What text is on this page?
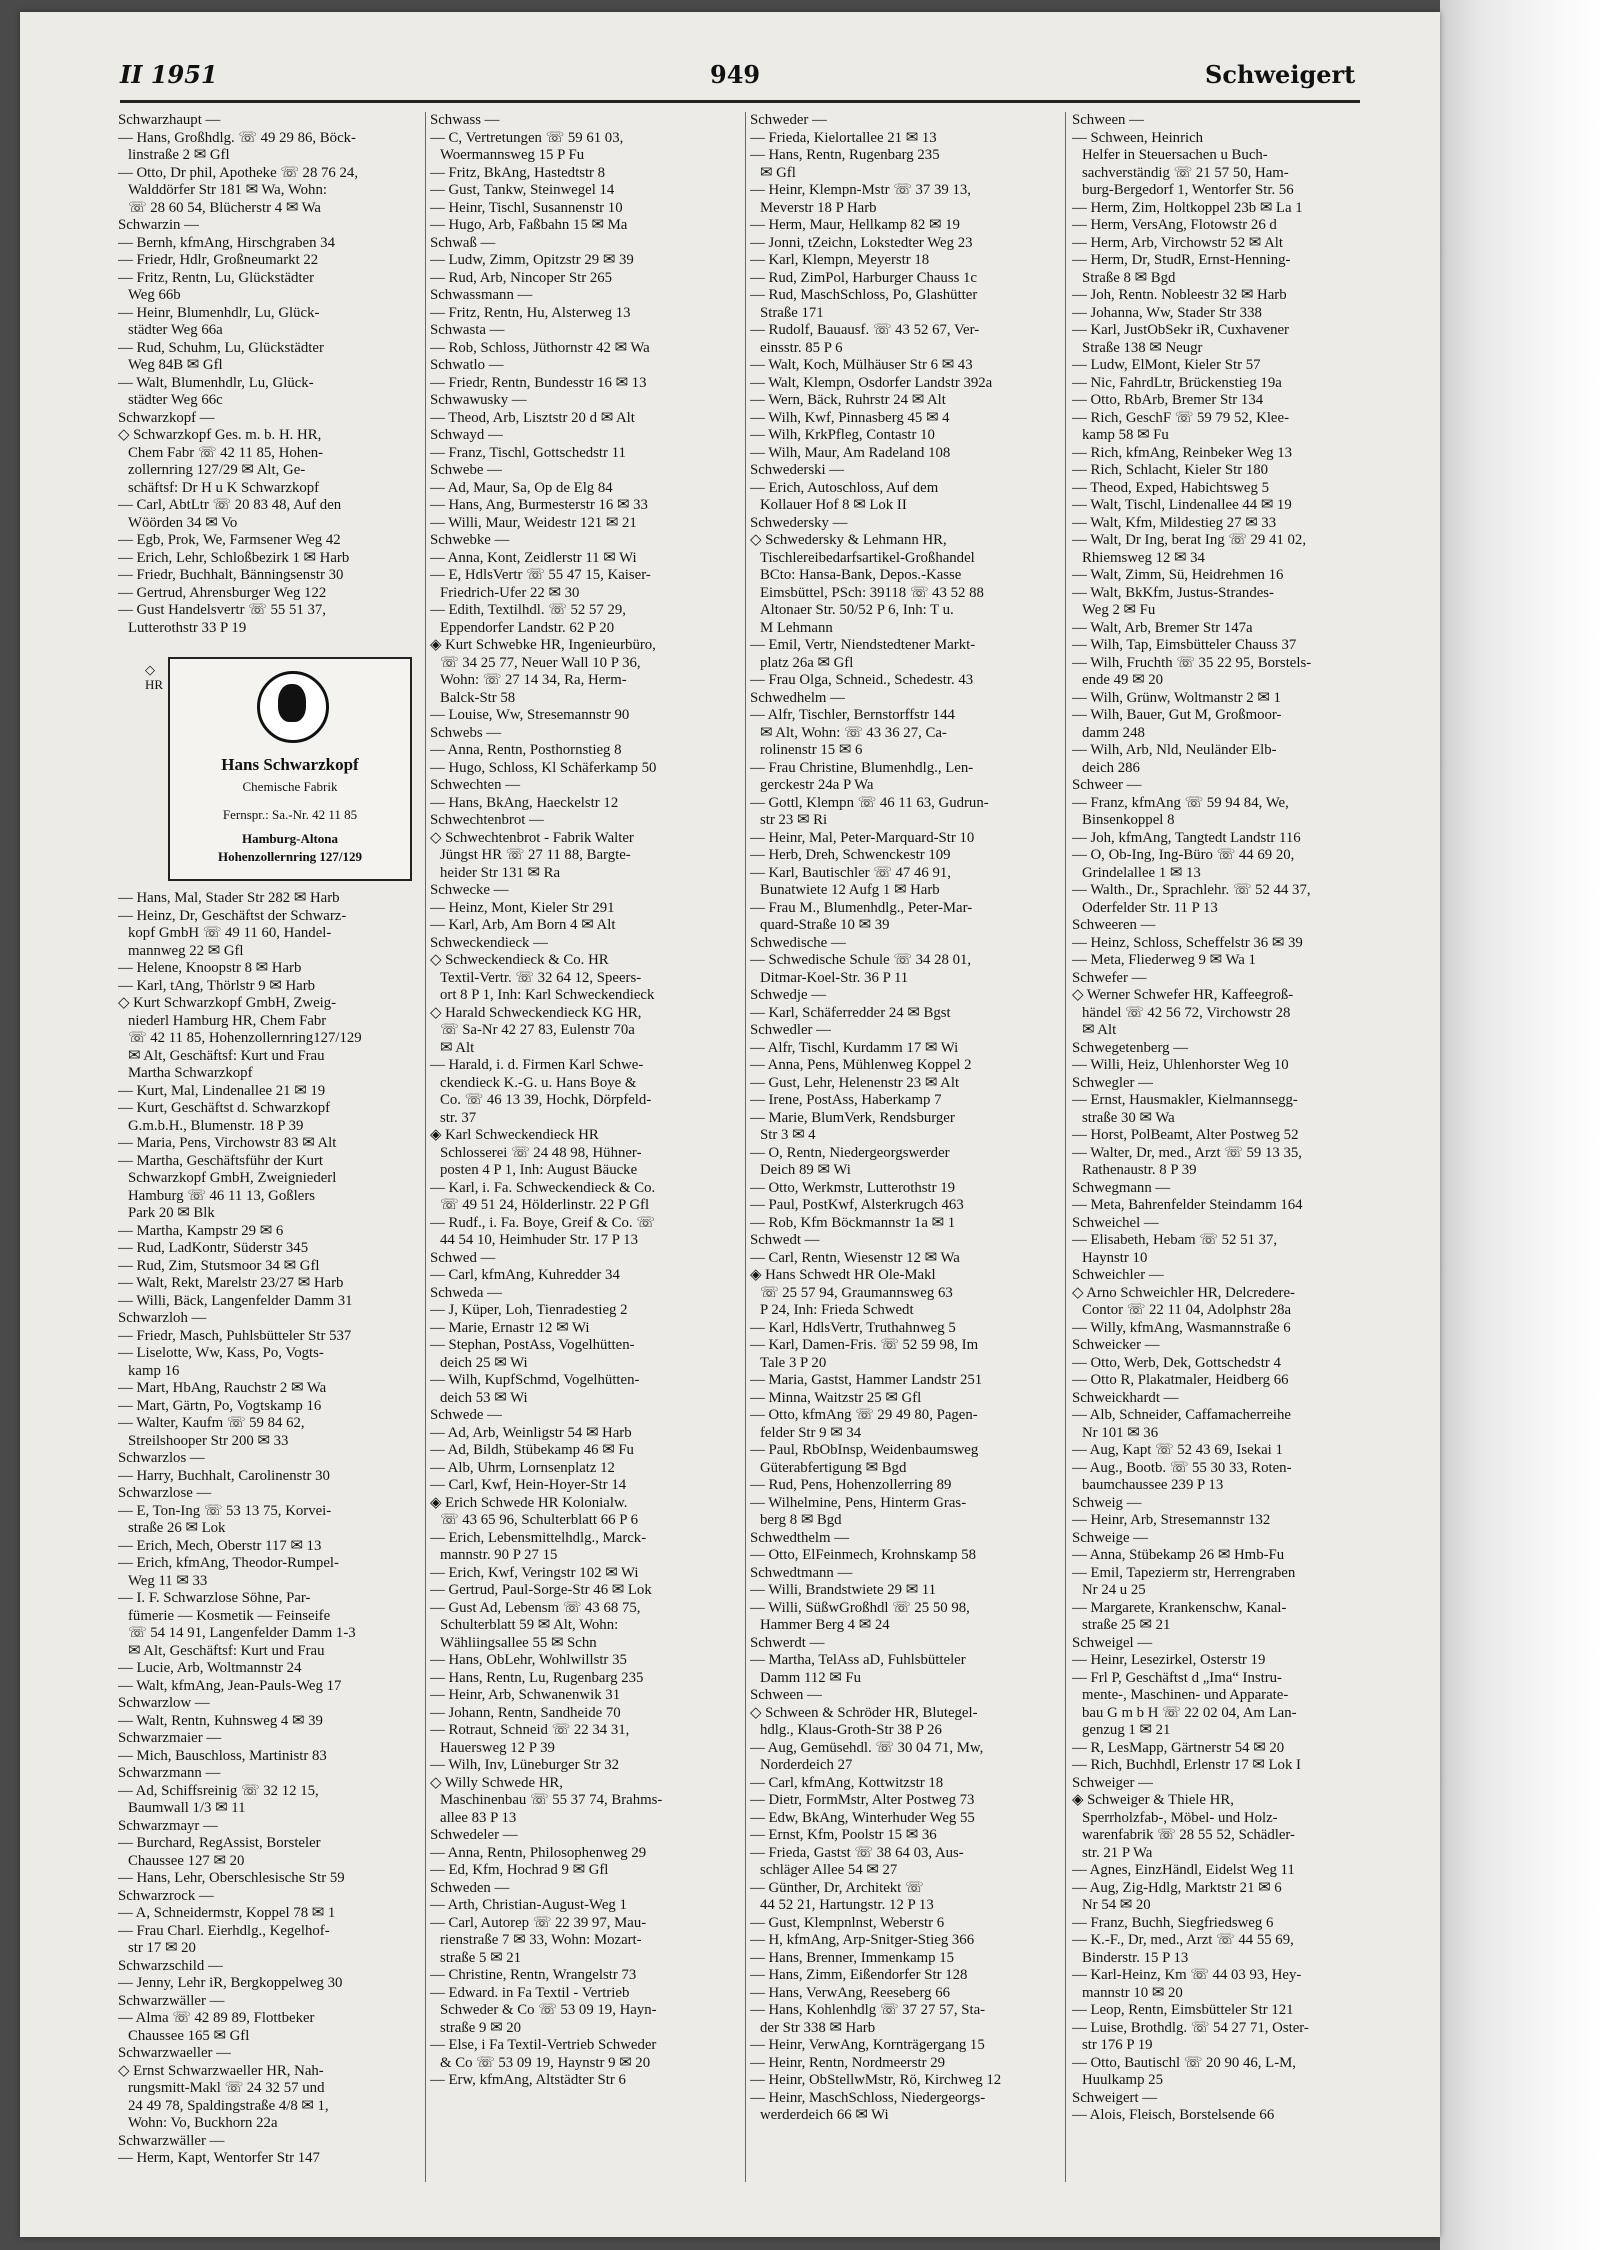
II 1951	949	Schweigert
Schwarzhaupt —
— Hans, Großhdlg. ☏ 49 29 86, Böck-
linstraße 2 ✉ Gfl
— Otto, Dr phil, Apotheke ☏ 28 76 24,
Walddörfer Str 181 ✉ Wa, Wohn:
☏ 28 60 54, Blücherstr 4 ✉ Wa
Schwarzin —
— Bernh, kfmAng, Hirschgraben 34
— Friedr, Hdlr, Großneumarkt 22
— Fritz, Rentn, Lu, Glückstädter
Weg 66b
— Heinr, Blumenhdlr, Lu, Glück-
städter Weg 66a
— Rud, Schuhm, Lu, Glückstädter
Weg 84B ✉ Gfl
— Walt, Blumenhdlr, Lu, Glück-
städter Weg 66c
Schwarzkopf —
◇ Schwarzkopf Ges. m. b. H. HR,
Chem Fabr ☏ 42 11 85, Hohen-
zollernring 127/29 ✉ Alt, Ge-
schäftsf: Dr H u K Schwarzkopf
— Carl, AbtLtr ☏ 20 83 48, Auf den
Wöörden 34 ✉ Vo
— Egb, Prok, We, Farmsener Weg 42
— Erich, Lehr, Schloßbezirk 1 ✉ Harb
— Friedr, Buchhalt, Bänningsenstr 30
— Gertrud, Ahrensburger Weg 122
— Gust Handelsvertr ☏ 55 51 37,
Lutterothstr 33 P 19
◇
HR
Hans Schwarzkopf
Chemische Fabrik
Fernspr.: Sa.-Nr. 42 11 85
Hamburg-Altona
Hohenzollernring 127/129
— Hans, Mal, Stader Str 282 ✉ Harb
— Heinz, Dr, Geschäftst der Schwarz-
kopf GmbH ☏ 49 11 60, Handel-
mannweg 22 ✉ Gfl
— Helene, Knoopstr 8 ✉ Harb
— Karl, tAng, Thörlstr 9 ✉ Harb
◇ Kurt Schwarzkopf GmbH, Zweig-
niederl Hamburg HR, Chem Fabr
☏ 42 11 85, Hohenzollernring127/129
✉ Alt, Geschäftsf: Kurt und Frau
Martha Schwarzkopf
— Kurt, Mal, Lindenallee 21 ✉ 19
— Kurt, Geschäftst d. Schwarzkopf
G.m.b.H., Blumenstr. 18 P 39
— Maria, Pens, Virchowstr 83 ✉ Alt
— Martha, Geschäftsführ der Kurt
Schwarzkopf GmbH, Zweigniederl
Hamburg ☏ 46 11 13, Goßlers
Park 20 ✉ Blk
— Martha, Kampstr 29 ✉ 6
— Rud, LadKontr, Süderstr 345
— Rud, Zim, Stutsmoor 34 ✉ Gfl
— Walt, Rekt, Marelstr 23/27 ✉ Harb
— Willi, Bäck, Langenfelder Damm 31
Schwarzloh —
— Friedr, Masch, Puhlsbütteler Str 537
— Liselotte, Ww, Kass, Po, Vogts-
kamp 16
— Mart, HbAng, Rauchstr 2 ✉ Wa
— Mart, Gärtn, Po, Vogtskamp 16
— Walter, Kaufm ☏ 59 84 62,
Streilshooper Str 200 ✉ 33
Schwarzlos —
— Harry, Buchhalt, Carolinenstr 30
Schwarzlose —
— E, Ton-Ing ☏ 53 13 75, Korvei-
straße 26 ✉ Lok
— Erich, Mech, Oberstr 117 ✉ 13
— Erich, kfmAng, Theodor-Rumpel-
Weg 11 ✉ 33
— I. F. Schwarzlose Söhne, Par-
fümerie — Kosmetik — Feinseife
☏ 54 14 91, Langenfelder Damm 1-3
✉ Alt, Geschäftsf: Kurt und Frau
— Lucie, Arb, Woltmannstr 24
— Walt, kfmAng, Jean-Pauls-Weg 17
Schwarzlow —
— Walt, Rentn, Kuhnsweg 4 ✉ 39
Schwarzmaier —
— Mich, Bauschloss, Martinistr 83
Schwarzmann —
— Ad, Schiffsreinig ☏ 32 12 15,
Baumwall 1/3 ✉ 11
Schwarzmayr —
— Burchard, RegAssist, Borsteler
Chaussee 127 ✉ 20
— Hans, Lehr, Oberschlesische Str 59
Schwarzrock —
— A, Schneidermstr, Koppel 78 ✉ 1
— Frau Charl. Eierhdlg., Kegelhof-
str 17 ✉ 20
Schwarzschild —
— Jenny, Lehr iR, Bergkoppelweg 30
Schwarzwäller —
— Alma ☏ 42 89 89, Flottbeker
Chaussee 165 ✉ Gfl
Schwarzwaeller —
◇ Ernst Schwarzwaeller HR, Nah-
rungsmitt-Makl ☏ 24 32 57 und
24 49 78, Spaldingstraße 4/8 ✉ 1,
Wohn: Vo, Buckhorn 22a
Schwarzwäller —
— Herm, Kapt, Wentorfer Str 147
Schwass —
— C, Vertretungen ☏ 59 61 03,
Woermannsweg 15 P Fu
— Fritz, BkAng, Hastedtstr 8
— Gust, Tankw, Steinwegel 14
— Heinr, Tischl, Susannenstr 10
— Hugo, Arb, Faßbahn 15 ✉ Ma
Schwaß —
— Ludw, Zimm, Opitzstr 29 ✉ 39
— Rud, Arb, Nincoper Str 265
Schwassmann —
— Fritz, Rentn, Hu, Alsterweg 13
Schwasta —
— Rob, Schloss, Jüthornstr 42 ✉ Wa
Schwatlo —
— Friedr, Rentn, Bundesstr 16 ✉ 13
Schwawusky —
— Theod, Arb, Lisztstr 20 d ✉ Alt
Schwayd —
— Franz, Tischl, Gottschedstr 11
Schwebe —
— Ad, Maur, Sa, Op de Elg 84
— Hans, Ang, Burmesterstr 16 ✉ 33
— Willi, Maur, Weidestr 121 ✉ 21
Schwebke —
— Anna, Kont, Zeidlerstr 11 ✉ Wi
— E, HdlsVertr ☏ 55 47 15, Kaiser-
Friedrich-Ufer 22 ✉ 30
— Edith, Textilhdl. ☏ 52 57 29,
Eppendorfer Landstr. 62 P 20
◈ Kurt Schwebke HR, Ingenieurbüro,
☏ 34 25 77, Neuer Wall 10 P 36,
Wohn: ☏ 27 14 34, Ra, Herm-
Balck-Str 58
— Louise, Ww, Stresemannstr 90
Schwebs —
— Anna, Rentn, Posthornstieg 8
— Hugo, Schloss, Kl Schäferkamp 50
Schwechten —
— Hans, BkAng, Haeckelstr 12
Schwechtenbrot —
◇ Schwechtenbrot - Fabrik Walter
Jüngst HR ☏ 27 11 88, Bargte-
heider Str 131 ✉ Ra
Schwecke —
— Heinz, Mont, Kieler Str 291
— Karl, Arb, Am Born 4 ✉ Alt
Schweckendieck —
◇ Schweckendieck & Co. HR
Textil-Vertr. ☏ 32 64 12, Speers-
ort 8 P 1, Inh: Karl Schweckendieck
◇ Harald Schweckendieck KG HR,
☏ Sa-Nr 42 27 83, Eulenstr 70a
✉ Alt
— Harald, i. d. Firmen Karl Schwe-
ckendieck K.-G. u. Hans Boye &
Co. ☏ 46 13 39, Hochk, Dörpfeld-
str. 37
◈ Karl Schweckendieck HR
Schlosserei ☏ 24 48 98, Hühner-
posten 4 P 1, Inh: August Bäucke
— Karl, i. Fa. Schweckendieck & Co.
☏ 49 51 24, Hölderlinstr. 22 P Gfl
— Rudf., i. Fa. Boye, Greif & Co. ☏
44 54 10, Heimhuder Str. 17 P 13
Schwed —
— Carl, kfmAng, Kuhredder 34
Schweda —
— J, Küper, Loh, Tienradestieg 2
— Marie, Ernastr 12 ✉ Wi
— Stephan, PostAss, Vogelhütten-
deich 25 ✉ Wi
— Wilh, KupfSchmd, Vogelhütten-
deich 53 ✉ Wi
Schwede —
— Ad, Arb, Weinligstr 54 ✉ Harb
— Ad, Bildh, Stübekamp 46 ✉ Fu
— Alb, Uhrm, Lornsenplatz 12
— Carl, Kwf, Hein-Hoyer-Str 14
◈ Erich Schwede HR Kolonialw.
☏ 43 65 96, Schulterblatt 66 P 6
— Erich, Lebensmittelhdlg., Marck-
mannstr. 90 P 27 15
— Erich, Kwf, Veringstr 102 ✉ Wi
— Gertrud, Paul-Sorge-Str 46 ✉ Lok
— Gust Ad, Lebensm ☏ 43 68 75,
Schulterblatt 59 ✉ Alt, Wohn:
Wähliingsallee 55 ✉ Schn
— Hans, ObLehr, Wohlwillstr 35
— Hans, Rentn, Lu, Rugenbarg 235
— Heinr, Arb, Schwanenwik 31
— Johann, Rentn, Sandheide 70
— Rotraut, Schneid ☏ 22 34 31,
Hauersweg 12 P 39
— Wilh, Inv, Lüneburger Str 32
◇ Willy Schwede HR,
Maschinenbau ☏ 55 37 74, Brahms-
allee 83 P 13
Schwedeler —
— Anna, Rentn, Philosophenweg 29
— Ed, Kfm, Hochrad 9 ✉ Gfl
Schweden —
— Arth, Christian-August-Weg 1
— Carl, Autorep ☏ 22 39 97, Mau-
rienstraße 7 ✉ 33, Wohn: Mozart-
straße 5 ✉ 21
— Christine, Rentn, Wrangelstr 73
— Edward. in Fa Textil - Vertrieb
Schweder & Co ☏ 53 09 19, Hayn-
straße 9 ✉ 20
— Else, i Fa Textil-Vertrieb Schweder
& Co ☏ 53 09 19, Haynstr 9 ✉ 20
— Erw, kfmAng, Altstädter Str 6
Schweder —
— Frieda, Kielortallee 21 ✉ 13
— Hans, Rentn, Rugenbarg 235
✉ Gfl
— Heinr, Klempn-Mstr ☏ 37 39 13,
Meverstr 18 P Harb
— Herm, Maur, Hellkamp 82 ✉ 19
— Jonni, tZeichn, Lokstedter Weg 23
— Karl, Klempn, Meyerstr 18
— Rud, ZimPol, Harburger Chauss 1c
— Rud, MaschSchloss, Po, Glashütter
Straße 171
— Rudolf, Bauausf. ☏ 43 52 67, Ver-
einsstr. 85 P 6
— Walt, Koch, Mülhäuser Str 6 ✉ 43
— Walt, Klempn, Osdorfer Landstr 392a
— Wern, Bäck, Ruhrstr 24 ✉ Alt
— Wilh, Kwf, Pinnasberg 45 ✉ 4
— Wilh, KrkPfleg, Contastr 10
— Wilh, Maur, Am Radeland 108
Schwederski —
— Erich, Autoschloss, Auf dem
Kollauer Hof 8 ✉ Lok II
Schwedersky —
◇ Schwedersky & Lehmann HR,
Tischlereibedarfsartikel-Großhandel
BCto: Hansa-Bank, Depos.-Kasse
Eimsbüttel, PSch: 39118 ☏ 43 52 88
Altonaer Str. 50/52 P 6, Inh: T u.
M Lehmann
— Emil, Vertr, Niendstedtener Markt-
platz 26a ✉ Gfl
— Frau Olga, Schneid., Schedestr. 43
Schwedhelm —
— Alfr, Tischler, Bernstorffstr 144
✉ Alt, Wohn: ☏ 43 36 27, Ca-
rolinenstr 15 ✉ 6
— Frau Christine, Blumenhdlg., Len-
gerckestr 24a P Wa
— Gottl, Klempn ☏ 46 11 63, Gudrun-
str 23 ✉ Ri
— Heinr, Mal, Peter-Marquard-Str 10
— Herb, Dreh, Schwenckestr 109
— Karl, Bautischler ☏ 47 46 91,
Bunatwiete 12 Aufg 1 ✉ Harb
— Frau M., Blumenhdlg., Peter-Mar-
quard-Straße 10 ✉ 39
Schwedische —
— Schwedische Schule ☏ 34 28 01,
Ditmar-Koel-Str. 36 P 11
Schwedje —
— Karl, Schäferredder 24 ✉ Bgst
Schwedler —
— Alfr, Tischl, Kurdamm 17 ✉ Wi
— Anna, Pens, Mühlenweg Koppel 2
— Gust, Lehr, Helenenstr 23 ✉ Alt
— Irene, PostAss, Haberkamp 7
— Marie, BlumVerk, Rendsburger
Str 3 ✉ 4
— O, Rentn, Niedergeorgswerder
Deich 89 ✉ Wi
— Otto, Werkmstr, Lutterothstr 19
— Paul, PostKwf, Alsterkrugch 463
— Rob, Kfm Böckmannstr 1a ✉ 1
Schwedt —
— Carl, Rentn, Wiesenstr 12 ✉ Wa
◈ Hans Schwedt HR Ole-Makl
☏ 25 57 94, Graumannsweg 63
P 24, Inh: Frieda Schwedt
— Karl, HdlsVertr, Truthahnweg 5
— Karl, Damen-Fris. ☏ 52 59 98, Im
Tale 3 P 20
— Maria, Gastst, Hammer Landstr 251
— Minna, Waitzstr 25 ✉ Gfl
— Otto, kfmAng ☏ 29 49 80, Pagen-
felder Str 9 ✉ 34
— Paul, RbObInsp, Weidenbaumsweg
Güterabfertigung ✉ Bgd
— Rud, Pens, Hohenzollerring 89
— Wilhelmine, Pens, Hinterm Gras-
berg 8 ✉ Bgd
Schwedthelm —
— Otto, ElFeinmech, Krohnskamp 58
Schwedtmann —
— Willi, Brandstwiete 29 ✉ 11
— Willi, SüßwGroßhdl ☏ 25 50 98,
Hammer Berg 4 ✉ 24
Schwerdt —
— Martha, TelAss aD, Fuhlsbütteler
Damm 112 ✉ Fu
Schween —
◇ Schween & Schröder HR, Blutegel-
hdlg., Klaus-Groth-Str 38 P 26
— Aug, Gemüsehdl. ☏ 30 04 71, Mw,
Norderdeich 27
— Carl, kfmAng, Kottwitzstr 18
— Dietr, FormMstr, Alter Postweg 73
— Edw, BkAng, Winterhuder Weg 55
— Ernst, Kfm, Poolstr 15 ✉ 36
— Frieda, Gastst ☏ 38 64 03, Aus-
schläger Allee 54 ✉ 27
— Günther, Dr, Architekt ☏
44 52 21, Hartungstr. 12 P 13
— Gust, Klempnlnst, Weberstr 6
— H, kfmAng, Arp-Snitger-Stieg 366
— Hans, Brenner, Immenkamp 15
— Hans, Zimm, Eißendorfer Str 128
— Hans, VerwAng, Reeseberg 66
— Hans, Kohlenhdlg ☏ 37 27 57, Sta-
der Str 338 ✉ Harb
— Heinr, VerwAng, Kornträgergang 15
— Heinr, Rentn, Nordmeerstr 29
— Heinr, ObStellwMstr, Rö, Kirchweg 12
— Heinr, MaschSchloss, Niedergeorgs-
werderdeich 66 ✉ Wi
Schween —
— Schween, Heinrich
Helfer in Steuersachen u Buch-
sachverständig ☏ 21 57 50, Ham-
burg-Bergedorf 1, Wentorfer Str. 56
— Herm, Zim, Holtkoppel 23b ✉ La 1
— Herm, VersAng, Flotowstr 26 d
— Herm, Arb, Virchowstr 52 ✉ Alt
— Herm, Dr, StudR, Ernst-Henning-
Straße 8 ✉ Bgd
— Joh, Rentn. Nobleestr 32 ✉ Harb
— Johanna, Ww, Stader Str 338
— Karl, JustObSekr iR, Cuxhavener
Straße 138 ✉ Neugr
— Ludw, ElMont, Kieler Str 57
— Nic, FahrdLtr, Brückenstieg 19a
— Otto, RbArb, Bremer Str 134
— Rich, GeschF ☏ 59 79 52, Klee-
kamp 58 ✉ Fu
— Rich, kfmAng, Reinbeker Weg 13
— Rich, Schlacht, Kieler Str 180
— Theod, Exped, Habichtsweg 5
— Walt, Tischl, Lindenallee 44 ✉ 19
— Walt, Kfm, Mildestieg 27 ✉ 33
— Walt, Dr Ing, berat Ing ☏ 29 41 02,
Rhiemsweg 12 ✉ 34
— Walt, Zimm, Sü, Heidrehmen 16
— Walt, BkKfm, Justus-Strandes-
Weg 2 ✉ Fu
— Walt, Arb, Bremer Str 147a
— Wilh, Tap, Eimsbütteler Chauss 37
— Wilh, Fruchth ☏ 35 22 95, Borstels-
ende 49 ✉ 20
— Wilh, Grünw, Woltmanstr 2 ✉ 1
— Wilh, Bauer, Gut M, Großmoor-
damm 248
— Wilh, Arb, Nld, Neuländer Elb-
deich 286
Schweer —
— Franz, kfmAng ☏ 59 94 84, We,
Binsenkoppel 8
— Joh, kfmAng, Tangtedt Landstr 116
— O, Ob-Ing, Ing-Büro ☏ 44 69 20,
Grindelallee 1 ✉ 13
— Walth., Dr., Sprachlehr. ☏ 52 44 37,
Oderfelder Str. 11 P 13
Schweeren —
— Heinz, Schloss, Scheffelstr 36 ✉ 39
— Meta, Fliederweg 9 ✉ Wa 1
Schwefer —
◇ Werner Schwefer HR, Kaffeegroß-
händel ☏ 42 56 72, Virchowstr 28
✉ Alt
Schwegetenberg —
— Willi, Heiz, Uhlenhorster Weg 10
Schwegler —
— Ernst, Hausmakler, Kielmannsegg-
straße 30 ✉ Wa
— Horst, PolBeamt, Alter Postweg 52
— Walter, Dr, med., Arzt ☏ 59 13 35,
Rathenaustr. 8 P 39
Schwegmann —
— Meta, Bahrenfelder Steindamm 164
Schweichel —
— Elisabeth, Hebam ☏ 52 51 37,
Haynstr 10
Schweichler —
◇ Arno Schweichler HR, Delcredere-
Contor ☏ 22 11 04, Adolphstr 28a
— Willy, kfmAng, Wasmannstraße 6
Schweicker —
— Otto, Werb, Dek, Gottschedstr 4
— Otto R, Plakatmaler, Heidberg 66
Schweickhardt —
— Alb, Schneider, Caffamacherreihe
Nr 101 ✉ 36
— Aug, Kapt ☏ 52 43 69, Isekai 1
— Aug., Bootb. ☏ 55 30 33, Roten-
baumchaussee 239 P 13
Schweig —
— Heinr, Arb, Stresemannstr 132
Schweige —
— Anna, Stübekamp 26 ✉ Hmb-Fu
— Emil, Tapezierm str, Herrengraben
Nr 24 u 25
— Margarete, Krankenschw, Kanal-
straße 25 ✉ 21
Schweigel —
— Heinr, Lesezirkel, Osterstr 19
— Frl P, Geschäftst d „Ima“ Instru-
mente-, Maschinen- und Apparate-
bau G m b H ☏ 22 02 04, Am Lan-
genzug 1 ✉ 21
— R, LesMapp, Gärtnerstr 54 ✉ 20
— Rich, Buchhdl, Erlenstr 17 ✉ Lok I
Schweiger —
◈ Schweiger & Thiele HR,
Sperrholzfab-, Möbel- und Holz-
warenfabrik ☏ 28 55 52, Schädler-
str. 21 P Wa
— Agnes, EinzHändl, Eidelst Weg 11
— Aug, Zig-Hdlg, Marktstr 21 ✉ 6
Nr 54 ✉ 20
— Franz, Buchh, Siegfriedsweg 6
— K.-F., Dr, med., Arzt ☏ 44 55 69,
Binderstr. 15 P 13
— Karl-Heinz, Km ☏ 44 03 93, Hey-
mannstr 10 ✉ 20
— Leop, Rentn, Eimsbütteler Str 121
— Luise, Brothdlg. ☏ 54 27 71, Oster-
str 176 P 19
— Otto, Bautischl ☏ 20 90 46, L-M,
Huulkamp 25
Schweigert —
— Alois, Fleisch, Borstelsende 66
